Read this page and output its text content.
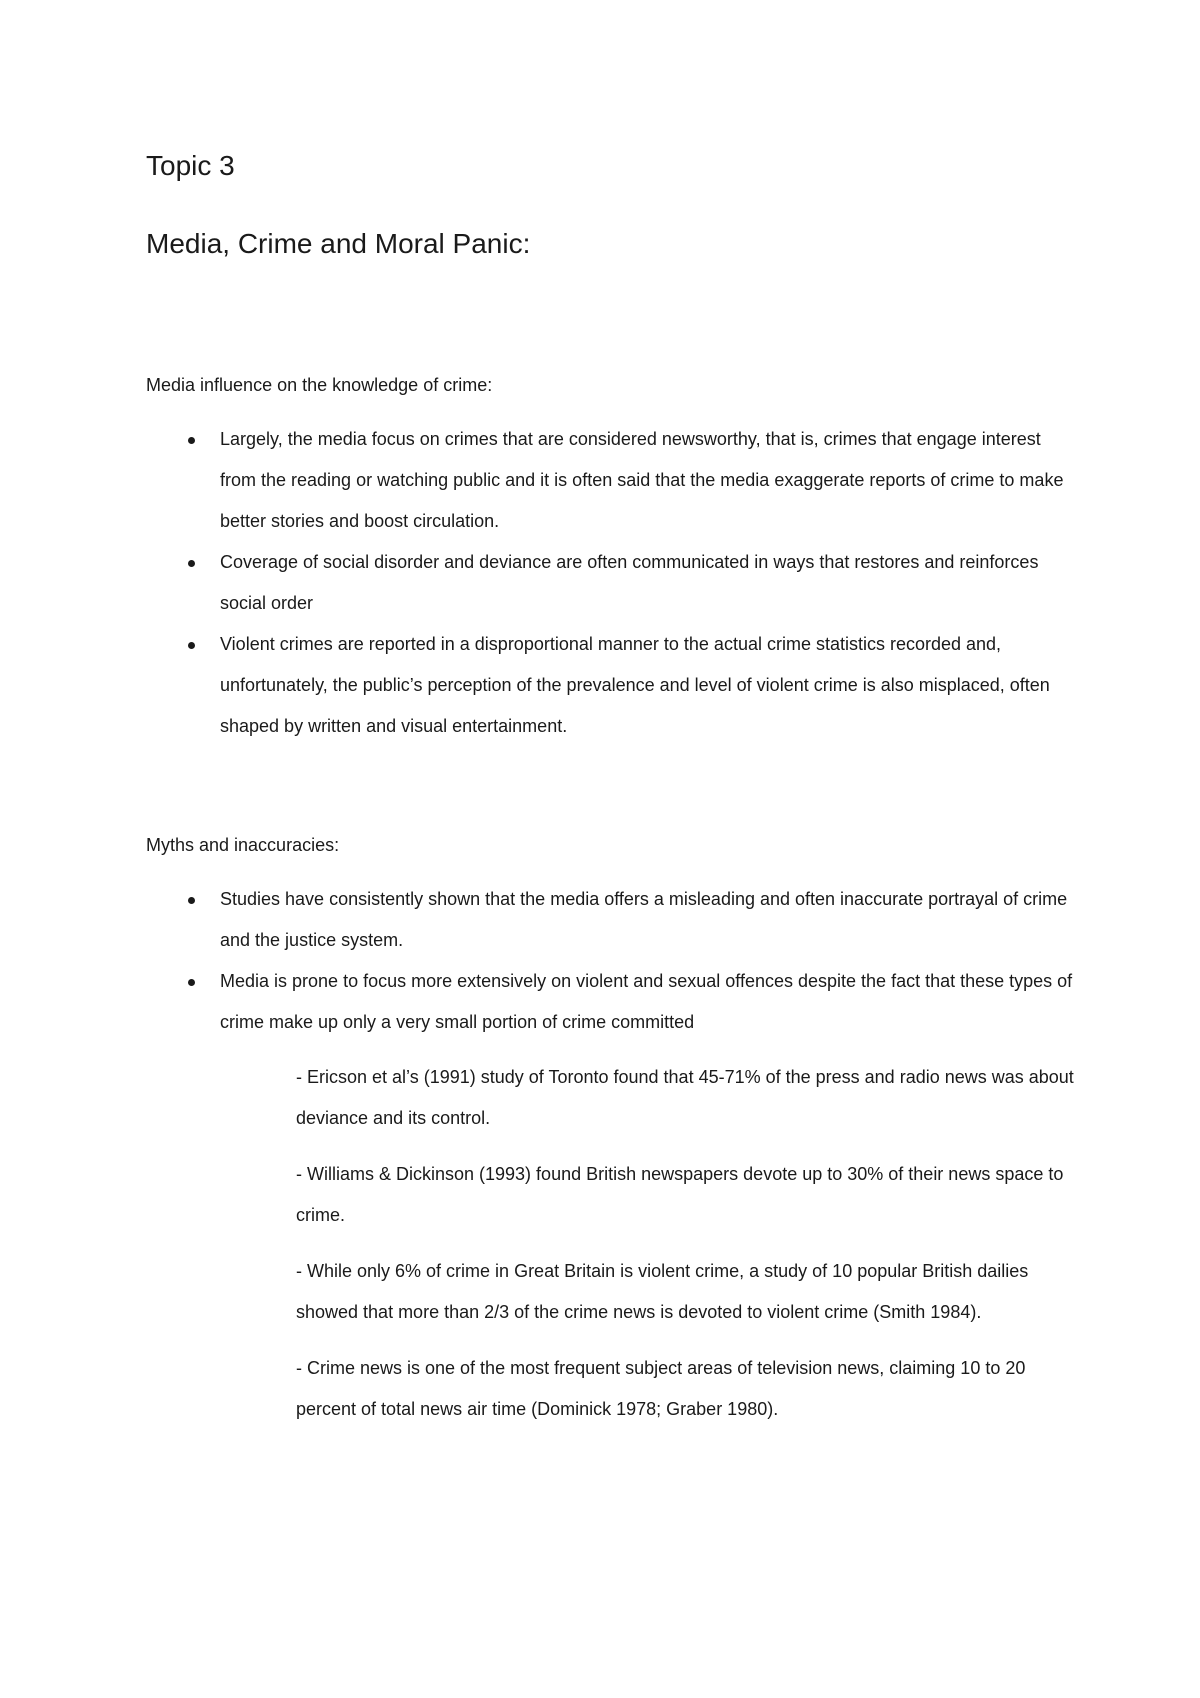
Topic 3
Media, Crime and Moral Panic:

Media influence on the knowledge of crime:

Largely, the media focus on crimes that are considered newsworthy, that is, crimes that engage interest from the reading or watching public and it is often said that the media exaggerate reports of crime to make better stories and boost circulation.
Coverage of social disorder and deviance are often communicated in ways that restores and reinforces social order
Violent crimes are reported in a disproportional manner to the actual crime statistics recorded and, unfortunately, the public’s perception of the prevalence and level of violent crime is also misplaced, often shaped by written and visual entertainment.

Myths and inaccuracies:

Studies have consistently shown that the media offers a misleading and often inaccurate portrayal of crime and the justice system.
Media is prone to focus more extensively on violent and sexual offences despite the fact that these types of crime make up only a very small portion of crime committed
- Ericson et al’s (1991) study of Toronto found that 45-71% of the press and radio news was about deviance and its control.
- Williams & Dickinson (1993) found British newspapers devote up to 30% of their news space to crime.
- While only 6% of crime in Great Britain is violent crime, a study of 10 popular British dailies showed that more than 2/3 of the crime news is devoted to violent crime (Smith 1984).
- Crime news is one of the most frequent subject areas of television news, claiming 10 to 20 percent of total news air time (Dominick 1978; Graber 1980).
